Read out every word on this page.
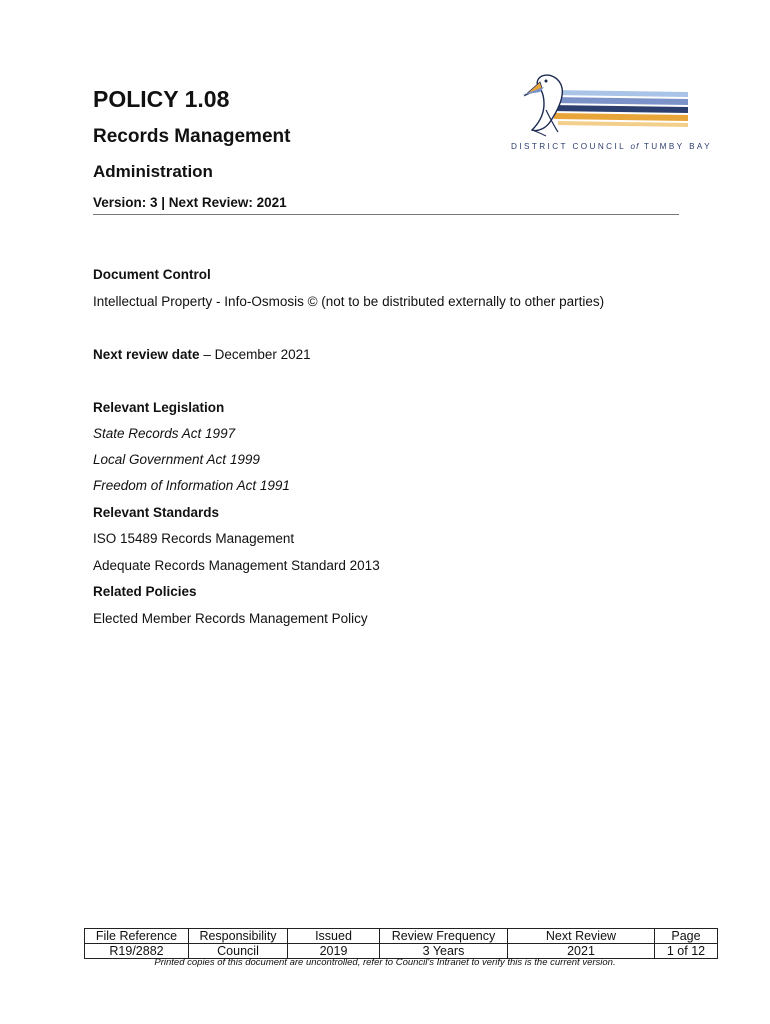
POLICY 1.08
Records Management
Administration
Version: 3 | Next Review: 2021
DISTRICT COUNCIL of TUMBY BAY
Document Control
Intellectual Property - Info-Osmosis © (not to be distributed externally to other parties)
Next review date – December 2021
Relevant Legislation
State Records Act 1997
Local Government Act 1999
Freedom of Information Act 1991
Relevant Standards
ISO 15489 Records Management
Adequate Records Management Standard 2013
Related Policies
Elected Member Records Management Policy
File Reference	Responsibility	Issued	Review Frequency	Next Review	Page
R19/2882	Council	2019	3 Years	2021	1 of 12
Printed copies of this document are uncontrolled, refer to Council's Intranet to verify this is the current version.
